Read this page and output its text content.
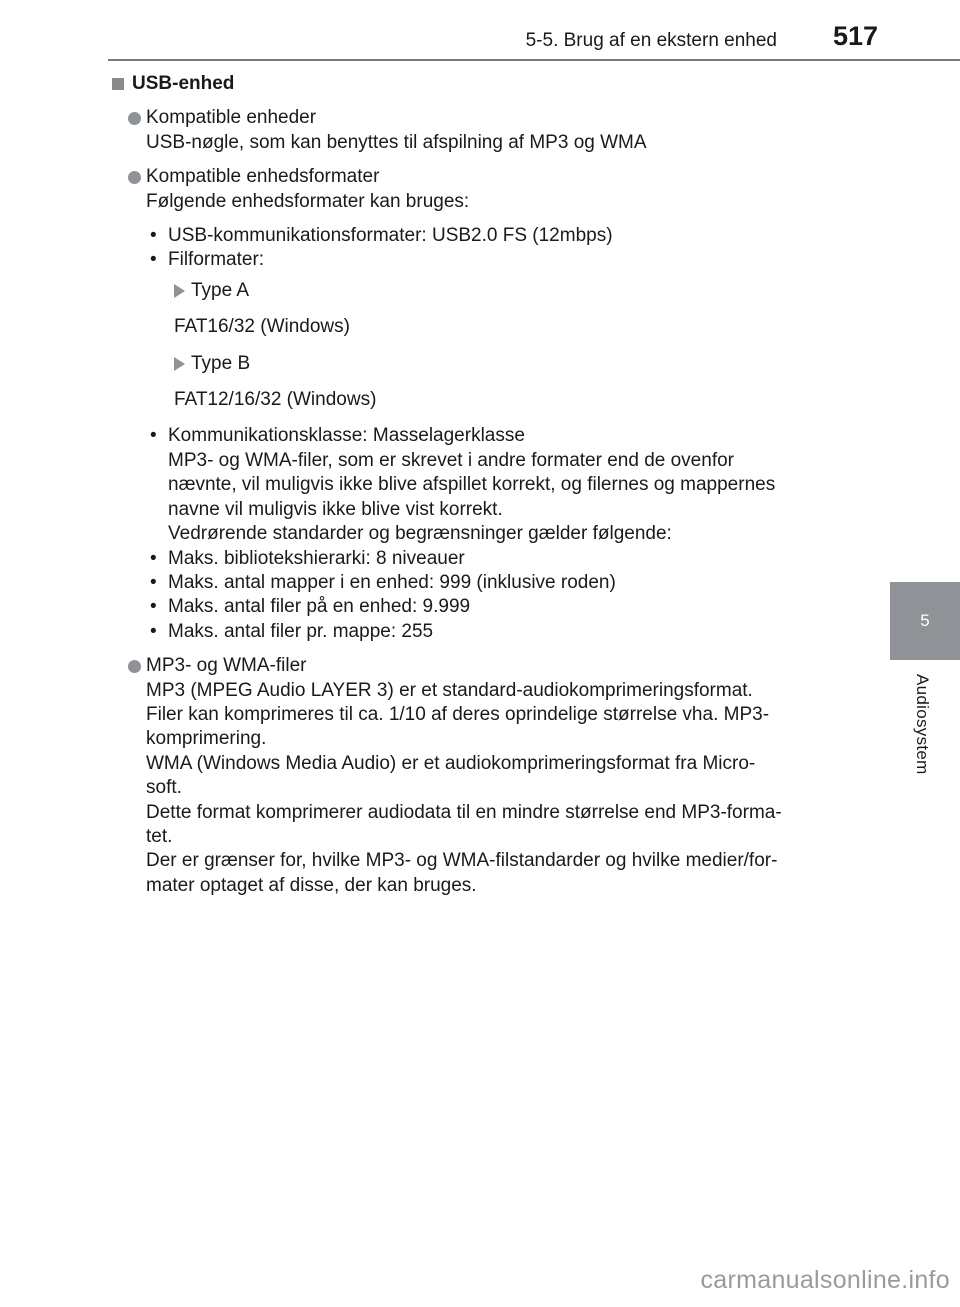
5-5. Brug af en ekstern enhed 517
5
Audiosystem
USB-enhed
Kompatible enheder
USB-nøgle, som kan benyttes til afspilning af MP3 og WMA
Kompatible enhedsformater
Følgende enhedsformater kan bruges:
• USB-kommunikationsformater: USB2.0 FS (12mbps)
• Filformater:
Type A
FAT16/32 (Windows)
Type B
FAT12/16/32 (Windows)
• Kommunikationsklasse: Masselagerklasse
MP3- og WMA-filer, som er skrevet i andre formater end de ovenfor
nævnte, vil muligvis ikke blive afspillet korrekt, og filernes og mappernes
navne vil muligvis ikke blive vist korrekt.
Vedrørende standarder og begrænsninger gælder følgende:
• Maks. bibliotekshierarki: 8 niveauer
• Maks. antal mapper i en enhed: 999 (inklusive roden)
• Maks. antal filer på en enhed: 9.999
• Maks. antal filer pr. mappe: 255
MP3- og WMA-filer
MP3 (MPEG Audio LAYER 3) er et standard-audiokomprimeringsformat.
Filer kan komprimeres til ca. 1/10 af deres oprindelige størrelse vha. MP3-
komprimering.
WMA (Windows Media Audio) er et audiokomprimeringsformat fra Micro-
soft.
Dette format komprimerer audiodata til en mindre størrelse end MP3-forma-
tet.
Der er grænser for, hvilke MP3- og WMA-filstandarder og hvilke medier/for-
mater optaget af disse, der kan bruges.
carmanualsonline.info
